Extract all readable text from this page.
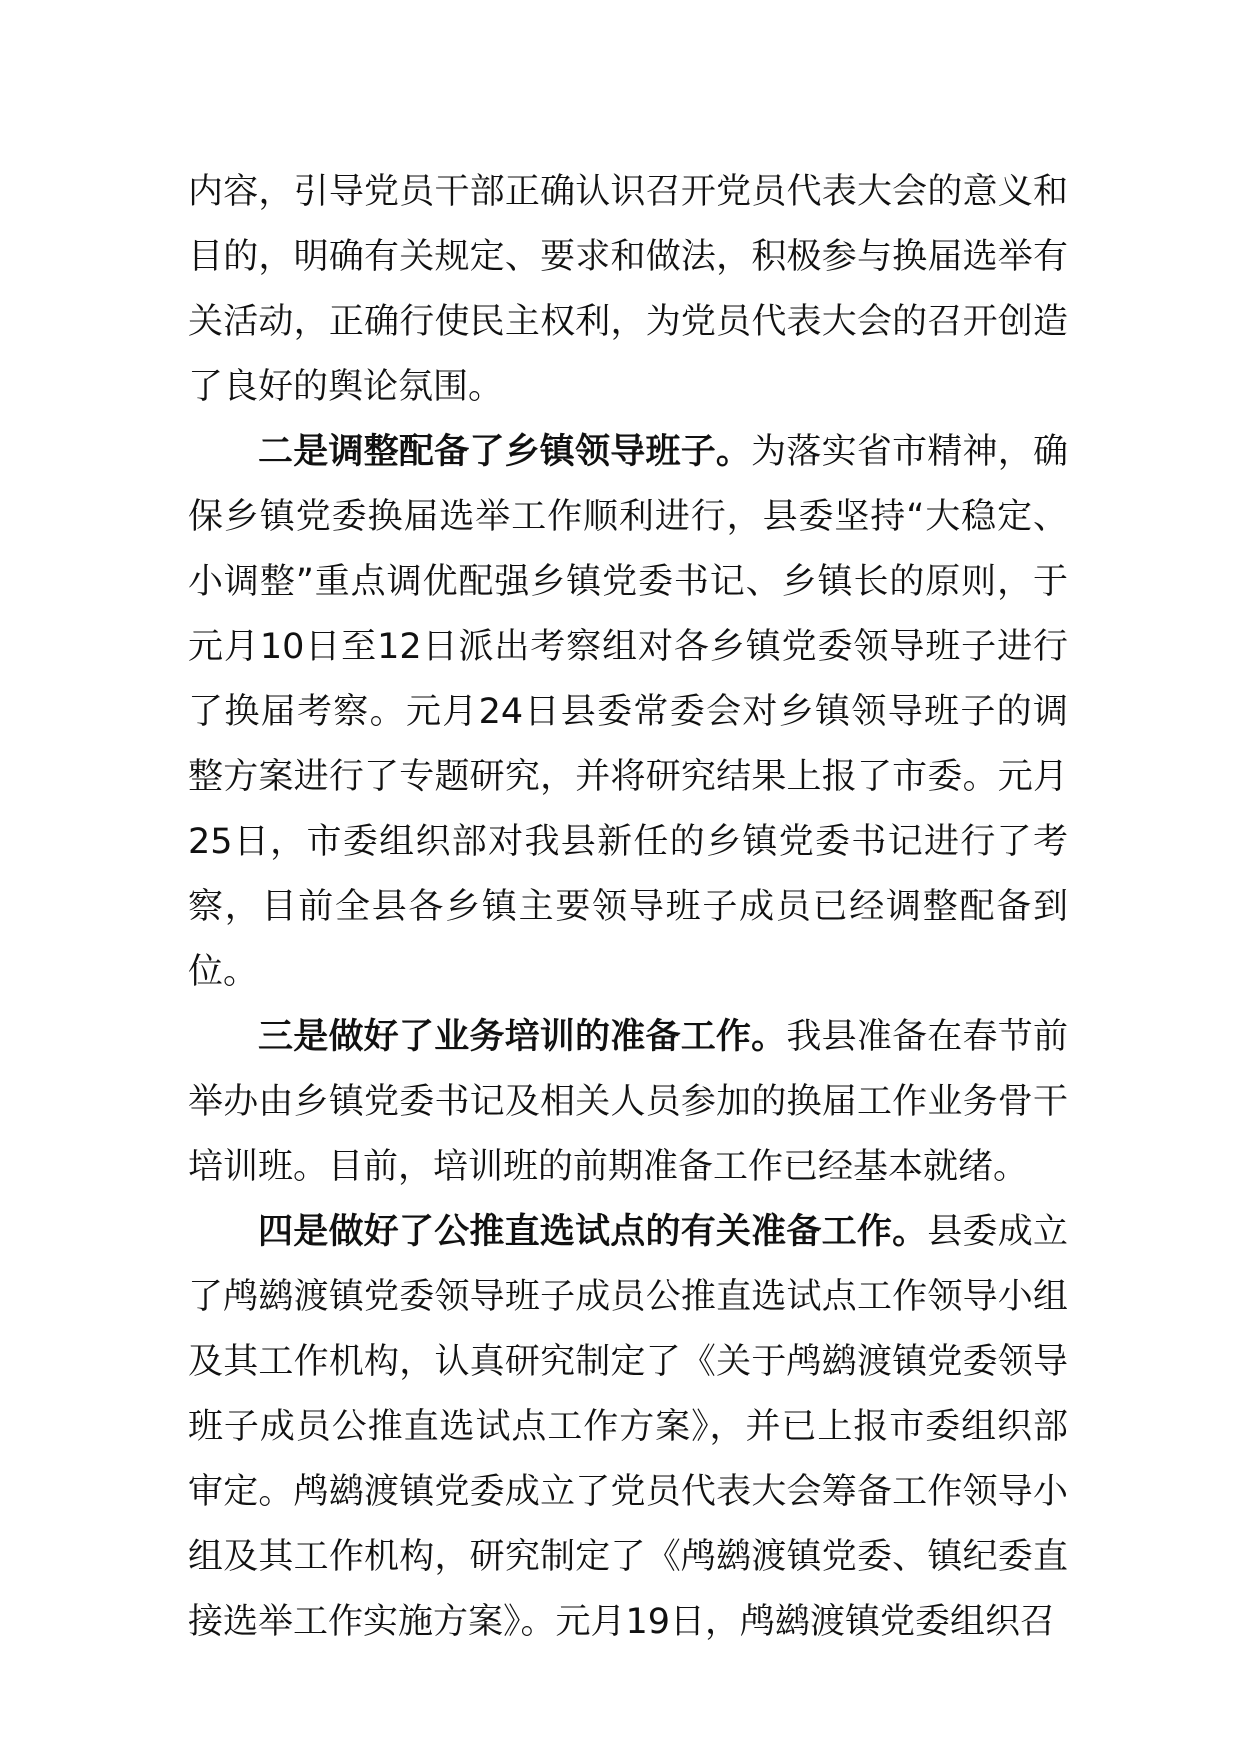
内容，引导党员干部正确认识召开党员代表大会的意义和目的，明确有关规定、要求和做法，积极参与换届选举有关活动，正确行使民主权利，为党员代表大会的召开创造了良好的舆论氛围。

二是调整配备了乡镇领导班子。为落实省市精神，确保乡镇党委换届选举工作顺利进行，县委坚持“大稳定、小调整”重点调优配强乡镇党委书记、乡镇长的原则，于元月10日至12日派出考察组对各乡镇党委领导班子进行了换届考察。元月24日县委常委会对乡镇领导班子的调整方案进行了专题研究，并将研究结果上报了市委。元月25日，市委组织部对我县新任的乡镇党委书记进行了考察，目前全县各乡镇主要领导班子成员已经调整配备到位。

三是做好了业务培训的准备工作。我县准备在春节前举办由乡镇党委书记及相关人员参加的换届工作业务骨干培训班。目前，培训班的前期准备工作已经基本就绪。

四是做好了公推直选试点的有关准备工作。县委成立了鸬鹚渡镇党委领导班子成员公推直选试点工作领导小组及其工作机构，认真研究制定了《关于鸬鹚渡镇党委领导班子成员公推直选试点工作方案》，并已上报市委组织部审定。鸬鹚渡镇党委成立了党员代表大会筹备工作领导小组及其工作机构，研究制定了《鸬鹚渡镇党委、镇纪委直接选举工作实施方案》。元月19日，鸬鹚渡镇党委组织召
